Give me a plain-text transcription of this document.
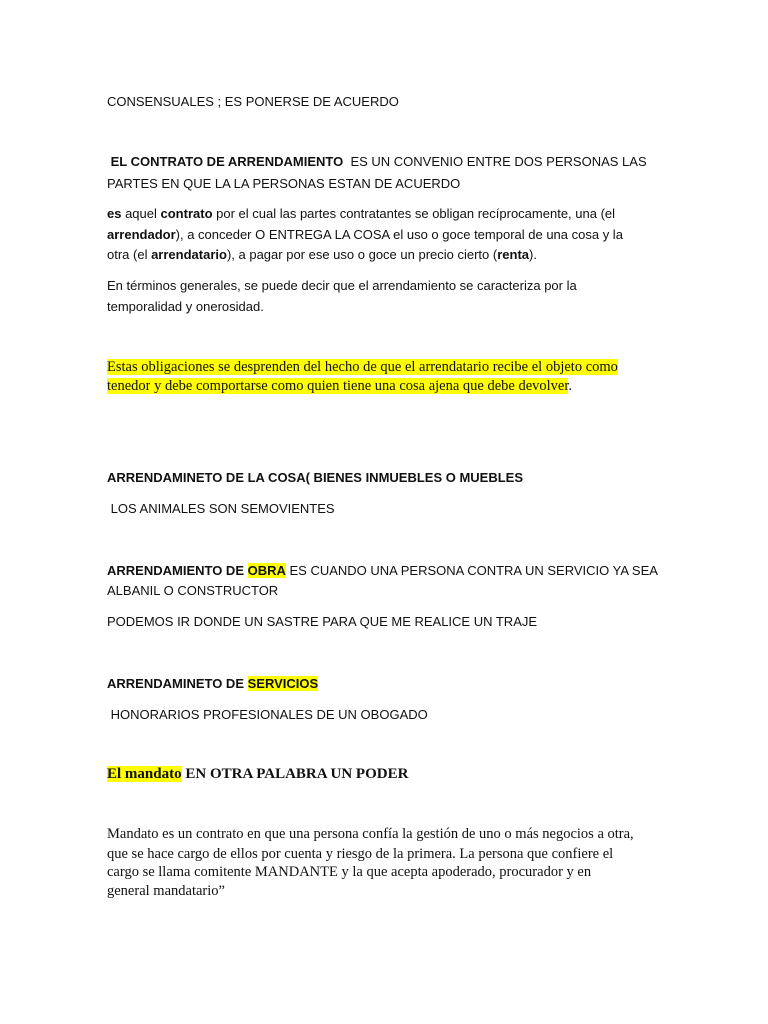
CONSENSUALES ; ES PONERSE DE ACUERDO
EL CONTRATO DE ARRENDAMIENTO ES UN CONVENIO ENTRE DOS PERSONAS LAS
PARTES EN QUE LA LA PERSONAS ESTAN DE ACUERDO
es aquel contrato por el cual las partes contratantes se obligan recíprocamente, una (el
arrendador), a conceder O ENTREGA LA COSA el uso o goce temporal de una cosa y la
otra (el arrendatario), a pagar por ese uso o goce un precio cierto (renta).
En términos generales, se puede decir que el arrendamiento se caracteriza por la
temporalidad y onerosidad.
Estas obligaciones se desprenden del hecho de que el arrendatario recibe el objeto como
tenedor y debe comportarse como quien tiene una cosa ajena que debe devolver.
ARRENDAMINETO DE LA COSA( BIENES INMUEBLES O MUEBLES
LOS ANIMALES SON SEMOVIENTES
ARRENDAMIENTO DE OBRA ES CUANDO UNA PERSONA CONTRA UN SERVICIO YA SEA
ALBANIL O CONSTRUCTOR
PODEMOS IR DONDE UN SASTRE PARA QUE ME REALICE UN TRAJE
ARRENDAMINETO DE SERVICIOS
HONORARIOS PROFESIONALES DE UN OBOGADO
El mandato EN OTRA PALABRA UN PODER
Mandato es un contrato en que una persona confía la gestión de uno o más negocios a otra,
que se hace cargo de ellos por cuenta y riesgo de la primera. La persona que confiere el
cargo se llama comitente MANDANTE y la que acepta apoderado, procurador y en
general mandatario”
